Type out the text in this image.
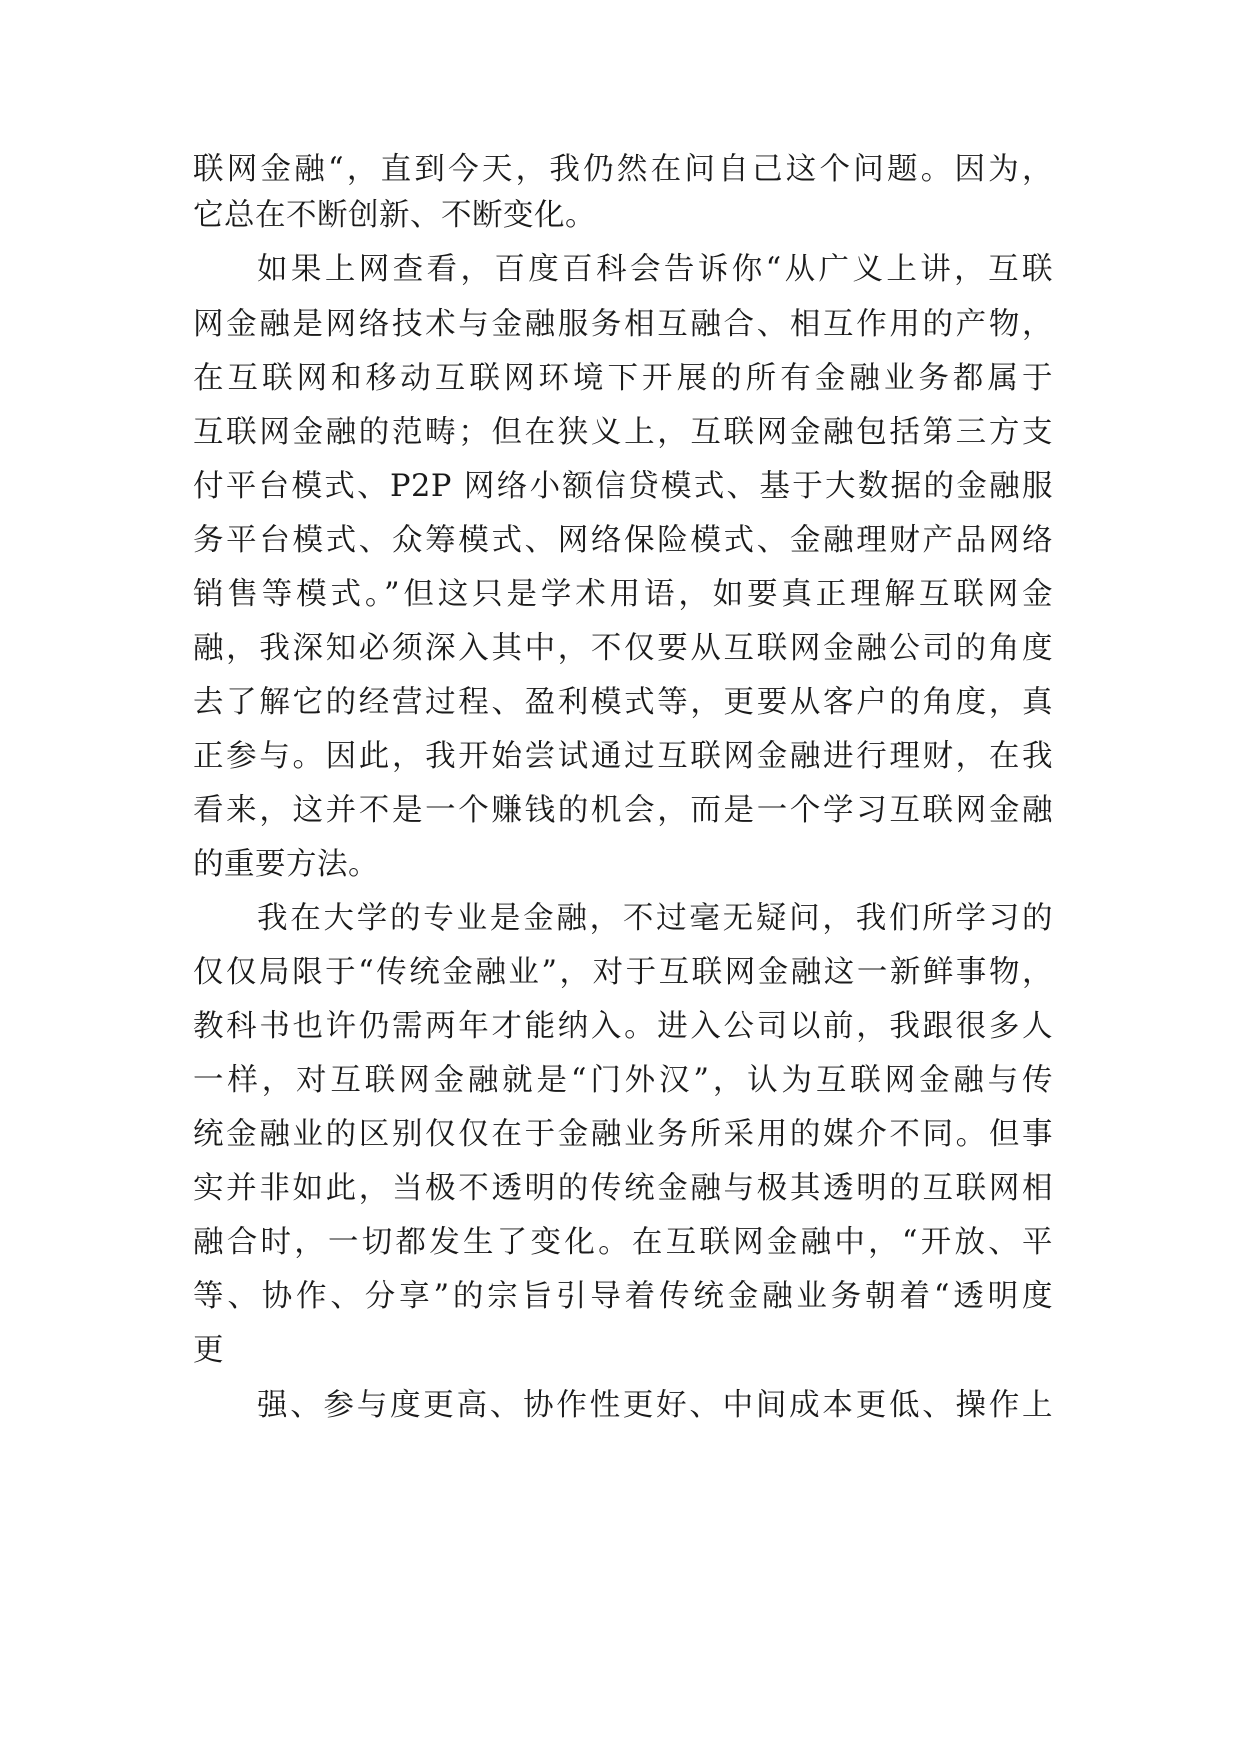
联网金融“，直到今天，我仍然在问自己这个问题。因为，
它总在不断创新、不断变化。
如果上网查看，百度百科会告诉你“从广义上讲，互联
网金融是网络技术与金融服务相互融合、相互作用的产物，
在互联网和移动互联网环境下开展的所有金融业务都属于
互联网金融的范畴；但在狭义上，互联网金融包括第三方支
付平台模式、P2P 网络小额信贷模式、基于大数据的金融服
务平台模式、众筹模式、网络保险模式、金融理财产品网络
销售等模式。”但这只是学术用语，如要真正理解互联网金
融，我深知必须深入其中，不仅要从互联网金融公司的角度
去了解它的经营过程、盈利模式等，更要从客户的角度，真
正参与。因此，我开始尝试通过互联网金融进行理财，在我
看来，这并不是一个赚钱的机会，而是一个学习互联网金融
的重要方法。
我在大学的专业是金融，不过毫无疑问，我们所学习的
仅仅局限于“传统金融业”，对于互联网金融这一新鲜事物，
教科书也许仍需两年才能纳入。进入公司以前，我跟很多人
一样，对互联网金融就是“门外汉”，认为互联网金融与传
统金融业的区别仅仅在于金融业务所采用的媒介不同。但事
实并非如此，当极不透明的传统金融与极其透明的互联网相
融合时，一切都发生了变化。在互联网金融中，“开放、平
等、协作、分享”的宗旨引导着传统金融业务朝着“透明度
更
强、参与度更高、协作性更好、中间成本更低、操作上
